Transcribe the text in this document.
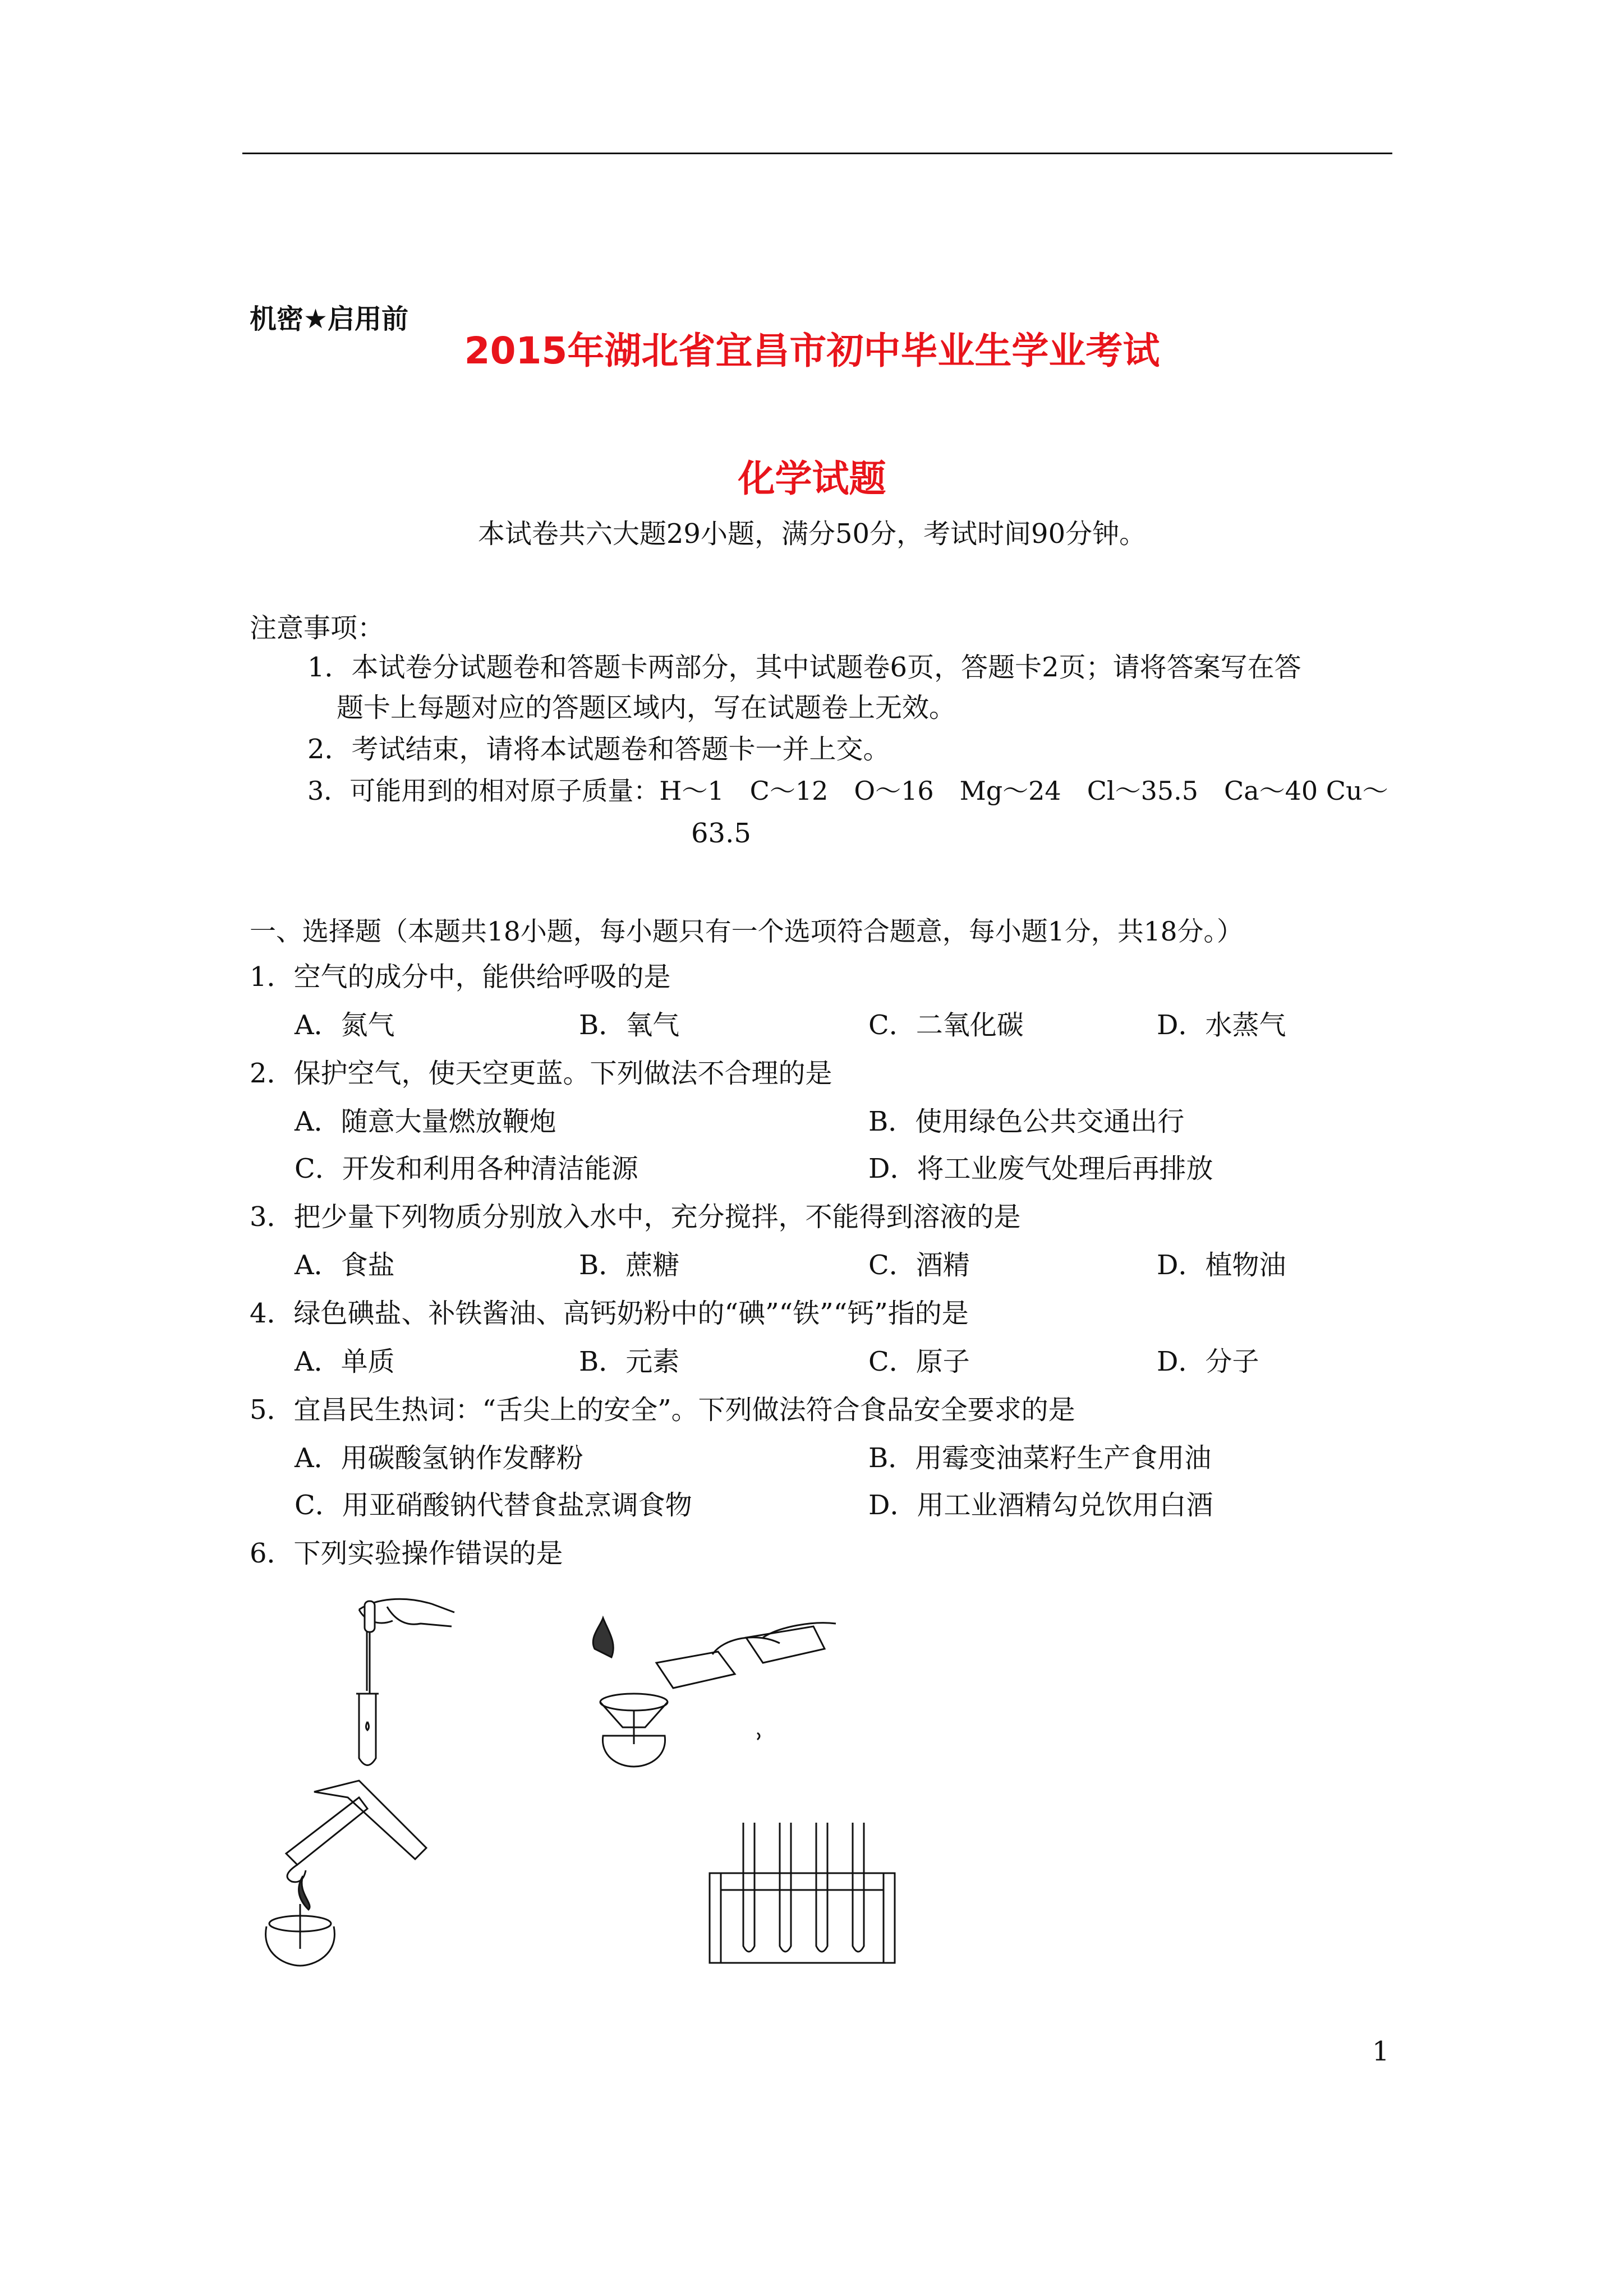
机密★启用前
2015年湖北省宜昌市初中毕业生学业考试
化学试题
本试卷共六大题29小题，满分50分，考试时间90分钟。
注意事项：
1．本试卷分试题卷和答题卡两部分，其中试题卷6页，答题卡2页；请将答案写在答
题卡上每题对应的答题区域内，写在试题卷上无效。
2．考试结束，请将本试题卷和答题卡一并上交。
3．可能用到的相对原子质量：H～1　C～12　O～16　Mg～24　Cl～35.5　Ca～40 Cu～
63.5
一、选择题（本题共18小题，每小题只有一个选项符合题意，每小题1分，共18分。）
1．空气的成分中，能供给呼吸的是
A．氮气	B．氧气	C．二氧化碳	D．水蒸气
2．保护空气，使天空更蓝。下列做法不合理的是
A．随意大量燃放鞭炮	B．使用绿色公共交通出行
C．开发和利用各种清洁能源	D．将工业废气处理后再排放
3．把少量下列物质分别放入水中，充分搅拌，不能得到溶液的是
A．食盐	B．蔗糖	C．酒精	D．植物油
4．绿色碘盐、补铁酱油、高钙奶粉中的“碘”“铁”“钙”指的是
A．单质	B．元素	C．原子	D．分子
5．宜昌民生热词：“舌尖上的安全”。下列做法符合食品安全要求的是
A．用碳酸氢钠作发酵粉	B．用霉变油菜籽生产食用油
C．用亚硝酸钠代替食盐烹调食物	D．用工业酒精勾兑饮用白酒
6．下列实验操作错误的是
1
